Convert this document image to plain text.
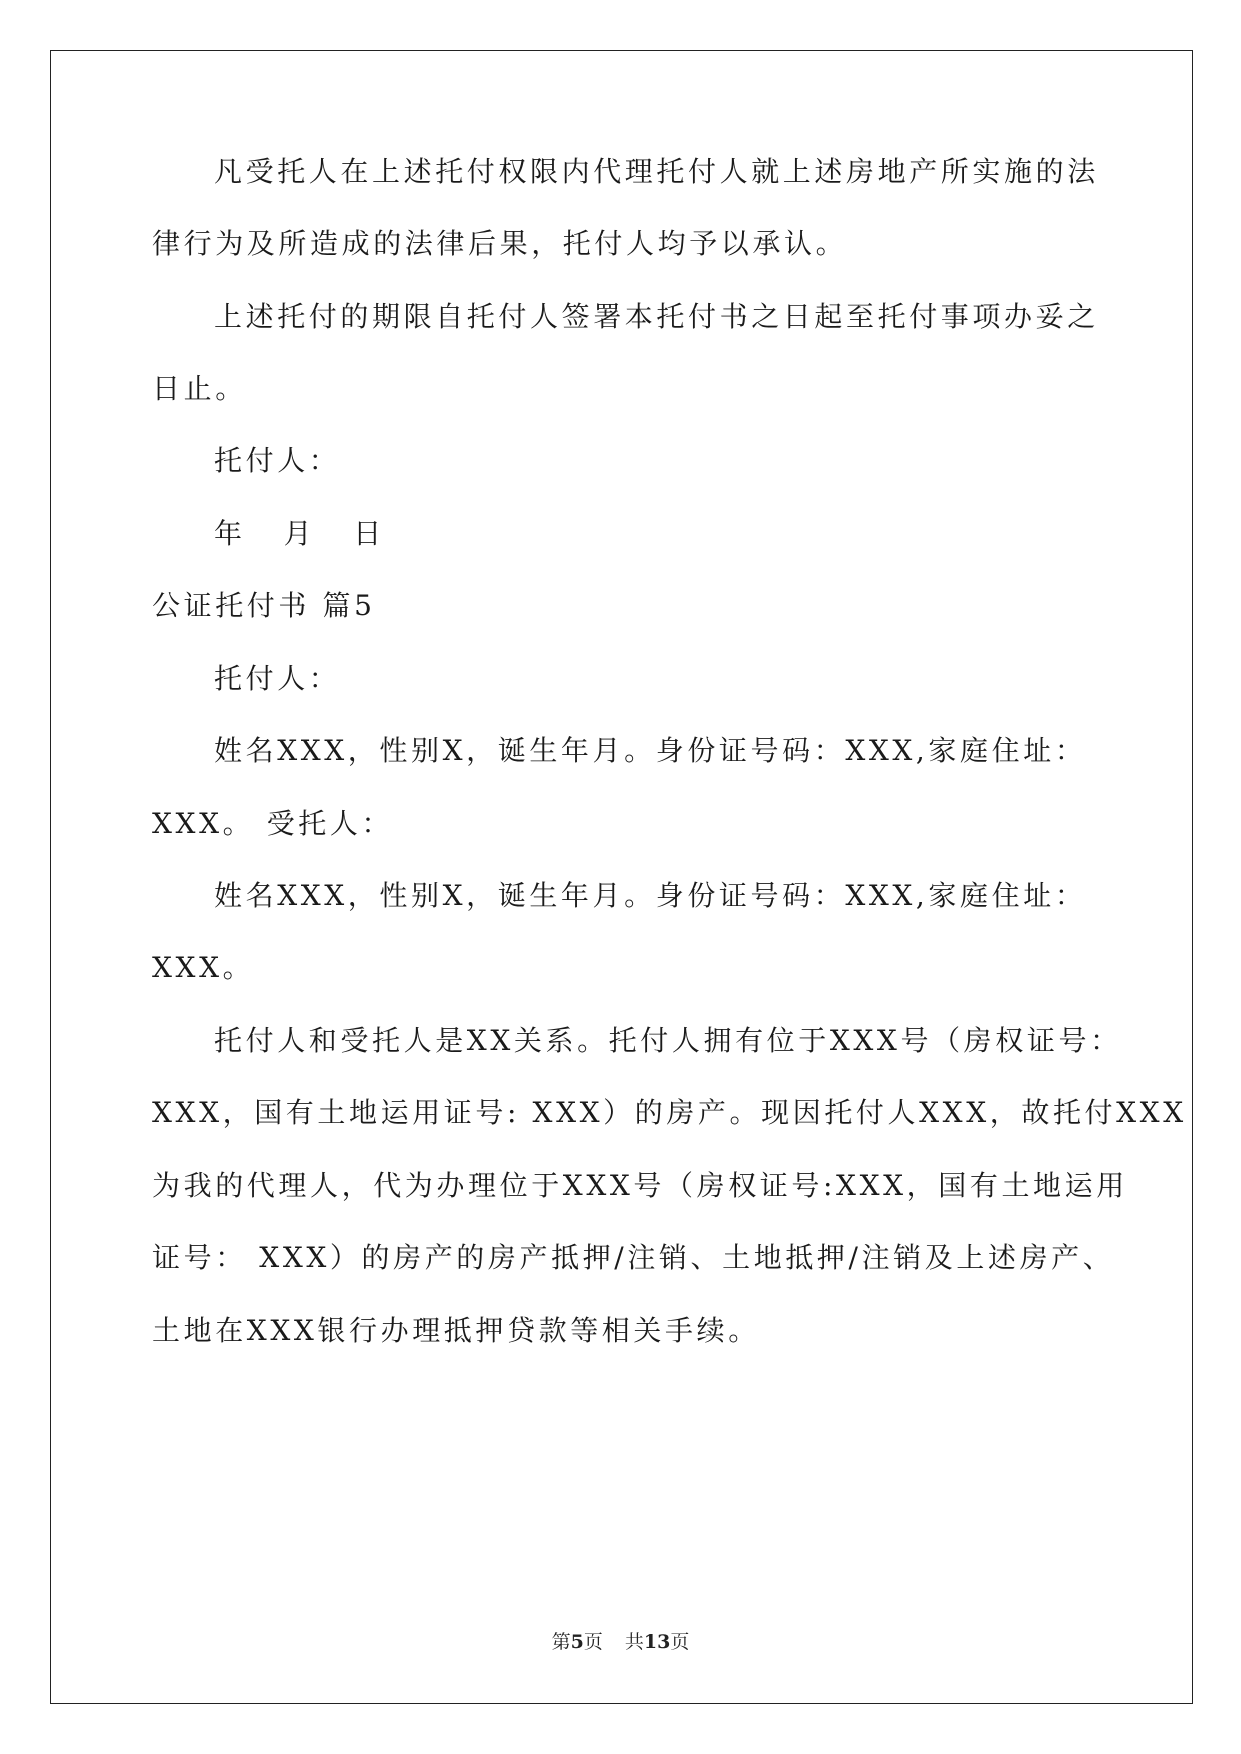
凡受托人在上述托付权限内代理托付人就上述房地产所实施的法

律行为及所造成的法律后果，托付人均予以承认。

上述托付的期限自托付人签署本托付书之日起至托付事项办妥之

日止。

托付人：

年 月 日

公证托付书 篇5

托付人：

姓名XXX，性别X，诞生年月。身份证号码：XXX,家庭住址：

XXX。 受托人：

姓名XXX，性别X，诞生年月。身份证号码：XXX,家庭住址：

XXX。

托付人和受托人是XX关系。托付人拥有位于XXX号（房权证号：

XXX，国有土地运用证号: XXX）的房产。现因托付人XXX，故托付XXX

为我的代理人，代为办理位于XXX号（房权证号:XXX，国有土地运用

证号： XXX）的房产的房产抵押/注销、土地抵押/注销及上述房产、

土地在XXX银行办理抵押贷款等相关手续。

第5页 共13页
